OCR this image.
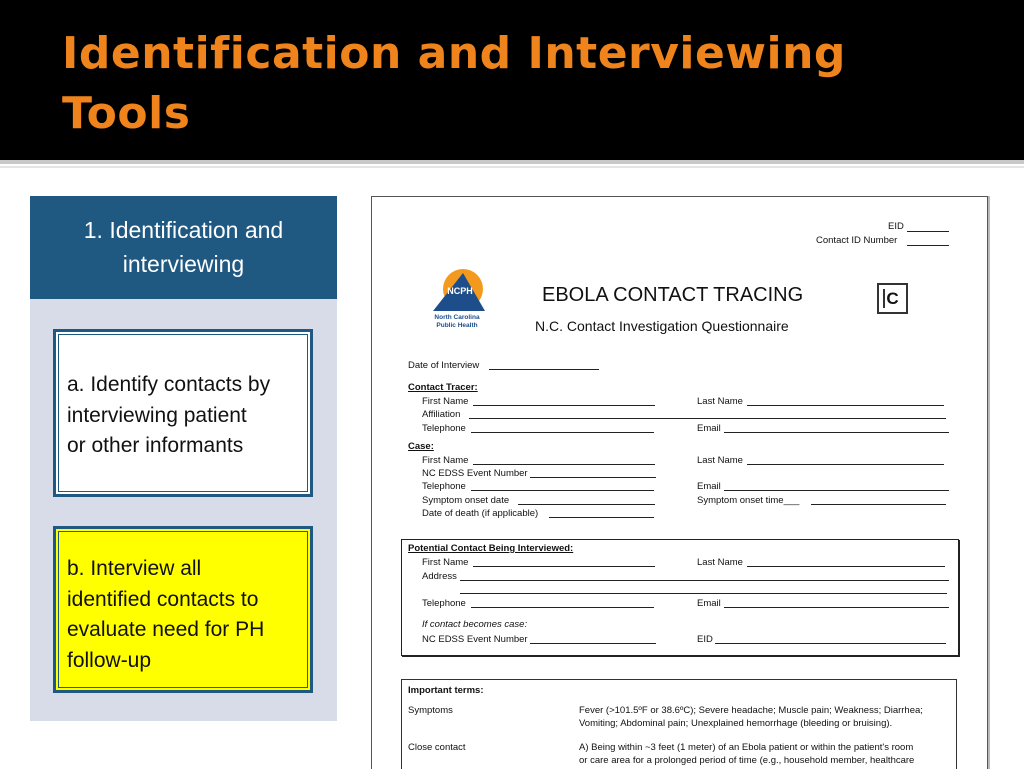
Identification and Interviewing
Tools
1. Identification and
interviewing
a. Identify contacts by
interviewing patient
or other informants
b. Interview all
identified contacts to
evaluate need for PH
follow-up
EID
Contact ID Number
NCPH
North Carolina
Public Health
EBOLA CONTACT TRACING
N.C. Contact Investigation Questionnaire
C
Date of Interview
Contact Tracer:
First Name	Last Name
Affiliation
Telephone	Email
Case:
First Name	Last Name
NC EDSS Event Number
Telephone	Email
Symptom onset date	Symptom onset time___
Date of death (if applicable)
Potential Contact Being Interviewed:
First Name	Last Name
Address
Telephone	Email
If contact becomes case:
NC EDSS Event Number	EID
Important terms:
Symptoms	Fever (>101.5ºF or 38.6ºC); Severe headache; Muscle pain; Weakness; Diarrhea;
Vomiting; Abdominal pain; Unexplained hemorrhage (bleeding or bruising).
Close contact	A) Being within ~3 feet (1 meter) of an Ebola patient or within the patient's room
or care area for a prolonged period of time (e.g., household member, healthcare
